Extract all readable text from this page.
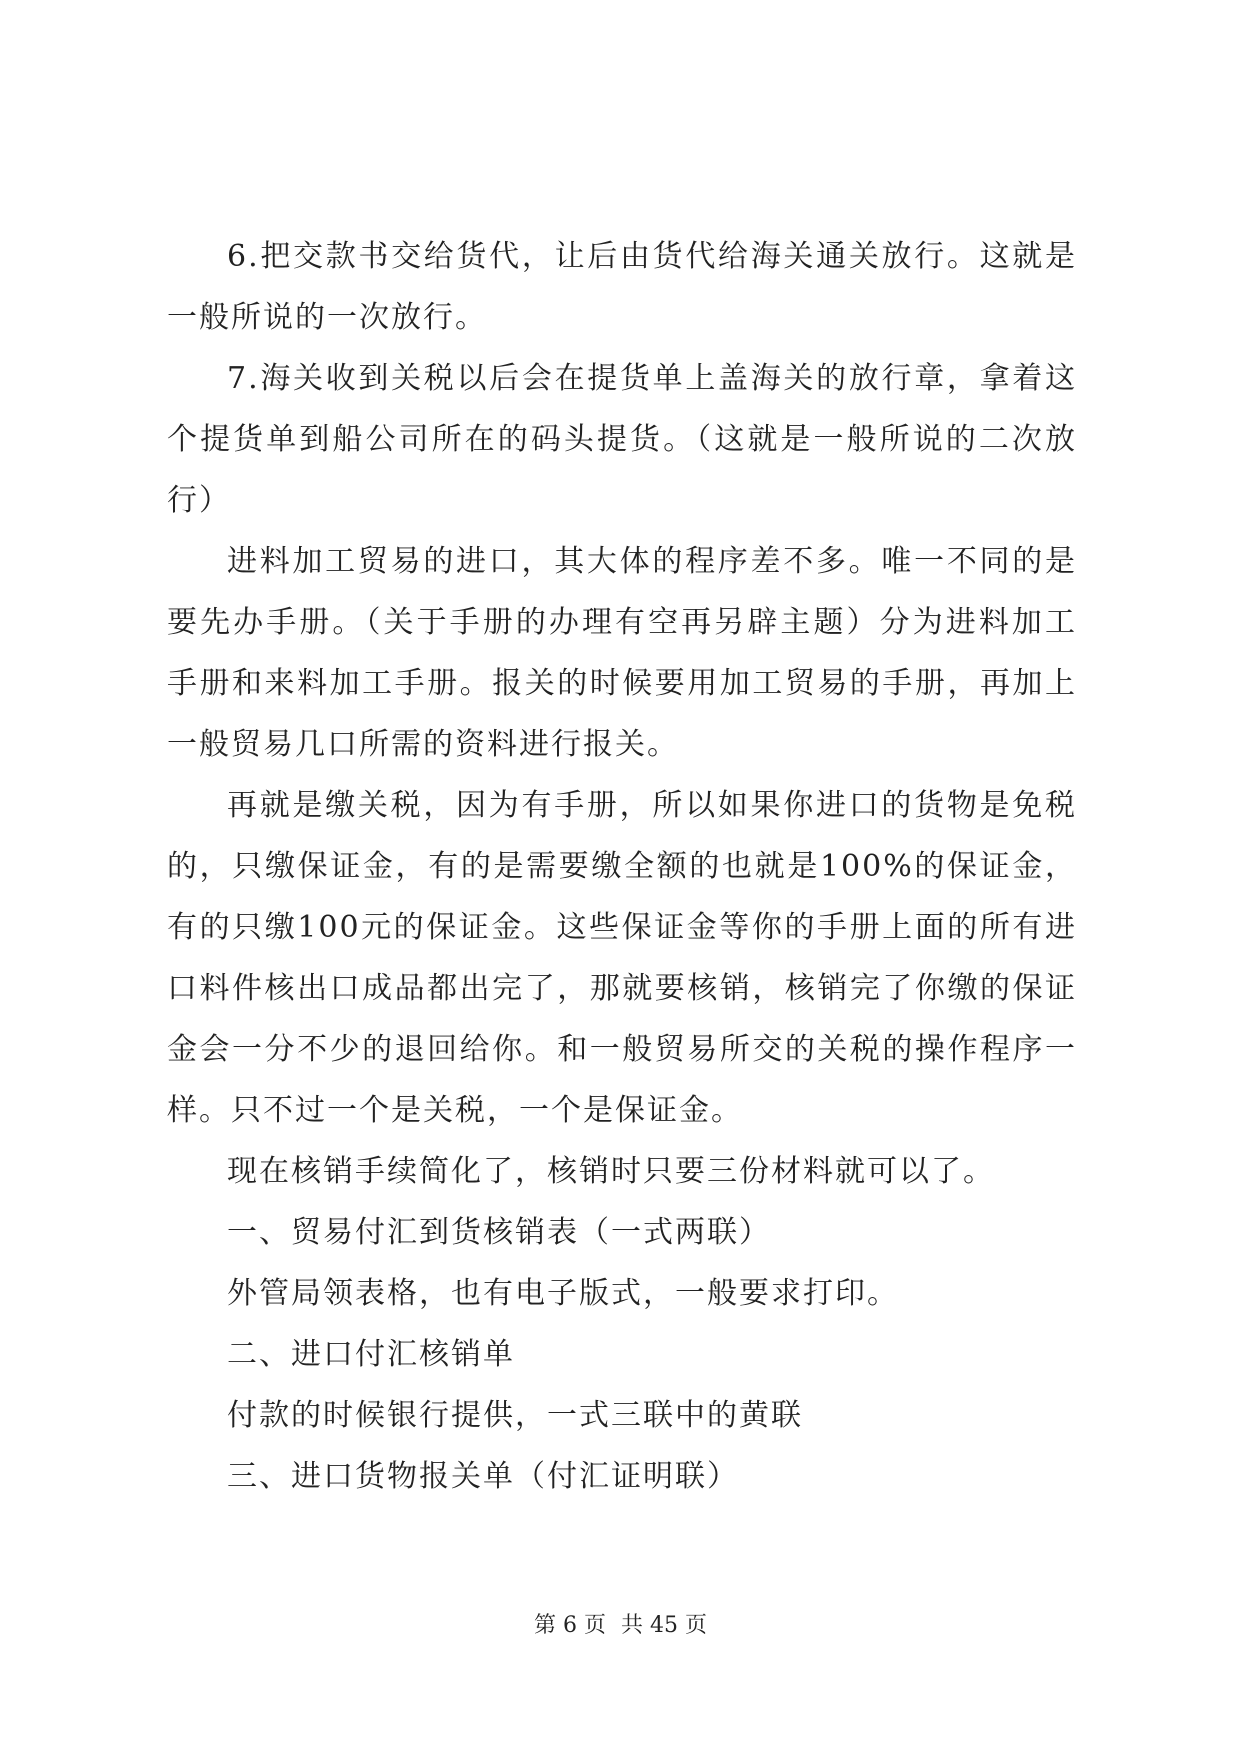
6.把交款书交给货代，让后由货代给海关通关放行。这就是一般所说的一次放行。

7.海关收到关税以后会在提货单上盖海关的放行章，拿着这个提货单到船公司所在的码头提货。（这就是一般所说的二次放行）

进料加工贸易的进口，其大体的程序差不多。唯一不同的是要先办手册。（关于手册的办理有空再另辟主题）分为进料加工手册和来料加工手册。报关的时候要用加工贸易的手册，再加上一般贸易几口所需的资料进行报关。

再就是缴关税，因为有手册，所以如果你进口的货物是免税的，只缴保证金，有的是需要缴全额的也就是100%的保证金，有的只缴100元的保证金。这些保证金等你的手册上面的所有进口料件核出口成品都出完了，那就要核销，核销完了你缴的保证金会一分不少的退回给你。和一般贸易所交的关税的操作程序一样。只不过一个是关税，一个是保证金。

现在核销手续简化了，核销时只要三份材料就可以了。

一、贸易付汇到货核销表（一式两联）

外管局领表格，也有电子版式，一般要求打印。

二、进口付汇核销单

付款的时候银行提供，一式三联中的黄联

三、进口货物报关单（付汇证明联）

第 6 页 共 45 页
